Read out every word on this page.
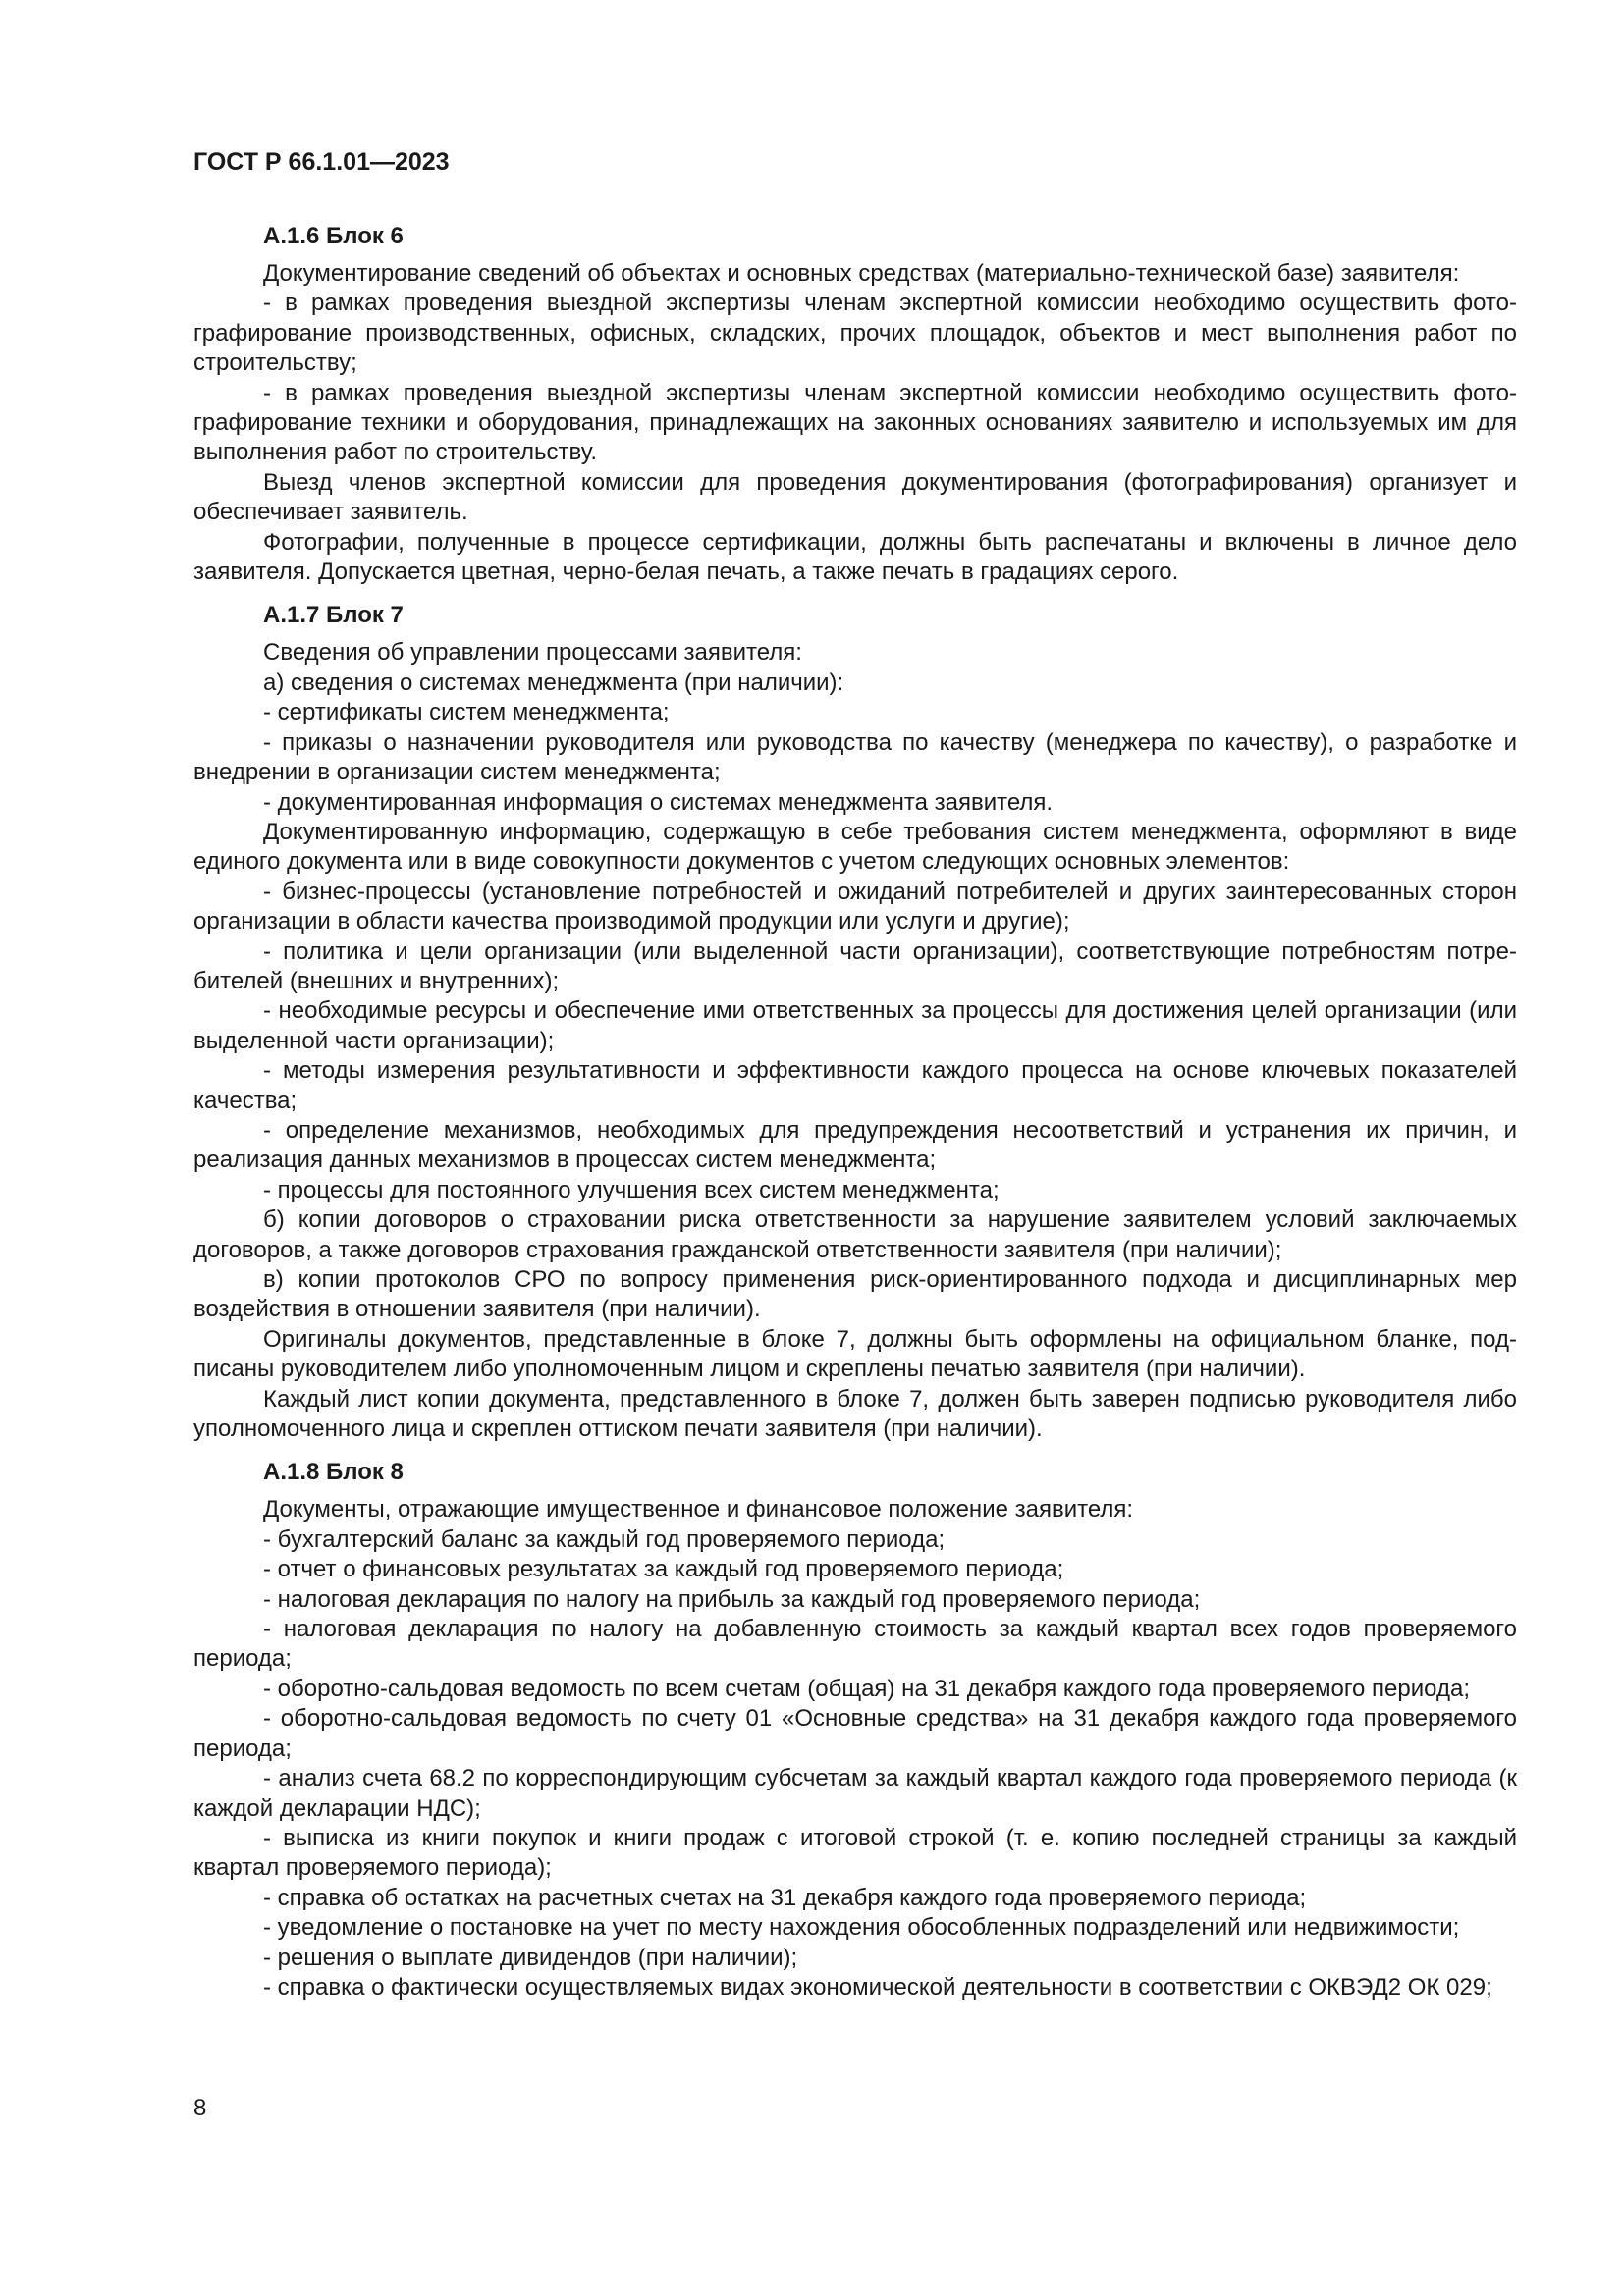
ГОСТ Р 66.1.01—2023
А.1.6 Блок 6

Документирование сведений об объектах и основных средствах (материально-технической базе) заявителя:

- в рамках проведения выездной экспертизы членам экспертной комиссии необходимо осуществить фотографирование производственных, офисных, складских, прочих площадок, объектов и мест выполнения работ по строительству;

- в рамках проведения выездной экспертизы членам экспертной комиссии необходимо осуществить фотографирование техники и оборудования, принадлежащих на законных основаниях заявителю и используемых им для выполнения работ по строительству.

Выезд членов экспертной комиссии для проведения документирования (фотографирования) организует и обеспечивает заявитель.

Фотографии, полученные в процессе сертификации, должны быть распечатаны и включены в личное дело заявителя. Допускается цветная, черно-белая печать, а также печать в градациях серого.

А.1.7 Блок 7

Сведения об управлении процессами заявителя:

а) сведения о системах менеджмента (при наличии):

- сертификаты систем менеджмента;

- приказы о назначении руководителя или руководства по качеству (менеджера по качеству), о разработке и внедрении в организации систем менеджмента;

- документированная информация о системах менеджмента заявителя.

Документированную информацию, содержащую в себе требования систем менеджмента, оформляют в виде единого документа или в виде совокупности документов с учетом следующих основных элементов:

- бизнес-процессы (установление потребностей и ожиданий потребителей и других заинтересованных сторон организации в области качества производимой продукции или услуги и другие);

- политика и цели организации (или выделенной части организации), соответствующие потребностям потребителей (внешних и внутренних);

- необходимые ресурсы и обеспечение ими ответственных за процессы для достижения целей организации (или выделенной части организации);

- методы измерения результативности и эффективности каждого процесса на основе ключевых показателей качества;

- определение механизмов, необходимых для предупреждения несоответствий и устранения их причин, и реализация данных механизмов в процессах систем менеджмента;

- процессы для постоянного улучшения всех систем менеджмента;

б) копии договоров о страховании риска ответственности за нарушение заявителем условий заключаемых договоров, а также договоров страхования гражданской ответственности заявителя (при наличии);

в) копии протоколов СРО по вопросу применения риск-ориентированного подхода и дисциплинарных мер воздействия в отношении заявителя (при наличии).

Оригиналы документов, представленные в блоке 7, должны быть оформлены на официальном бланке, подписаны руководителем либо уполномоченным лицом и скреплены печатью заявителя (при наличии).

Каждый лист копии документа, представленного в блоке 7, должен быть заверен подписью руководителя либо уполномоченного лица и скреплен оттиском печати заявителя (при наличии).

А.1.8 Блок 8

Документы, отражающие имущественное и финансовое положение заявителя:

- бухгалтерский баланс за каждый год проверяемого периода;

- отчет о финансовых результатах за каждый год проверяемого периода;

- налоговая декларация по налогу на прибыль за каждый год проверяемого периода;

- налоговая декларация по налогу на добавленную стоимость за каждый квартал всех годов проверяемого периода;

- оборотно-сальдовая ведомость по всем счетам (общая) на 31 декабря каждого года проверяемого периода;

- оборотно-сальдовая ведомость по счету 01 «Основные средства» на 31 декабря каждого года проверяемого периода;

- анализ счета 68.2 по корреспондирующим субсчетам за каждый квартал каждого года проверяемого периода (к каждой декларации НДС);

- выписка из книги покупок и книги продаж с итоговой строкой (т. е. копию последней страницы за каждый квартал проверяемого периода);

- справка об остатках на расчетных счетах на 31 декабря каждого года проверяемого периода;

- уведомление о постановке на учет по месту нахождения обособленных подразделений или недвижимости;

- решения о выплате дивидендов (при наличии);

- справка о фактически осуществляемых видах экономической деятельности в соответствии с ОКВЭД2 ОК 029;

8
